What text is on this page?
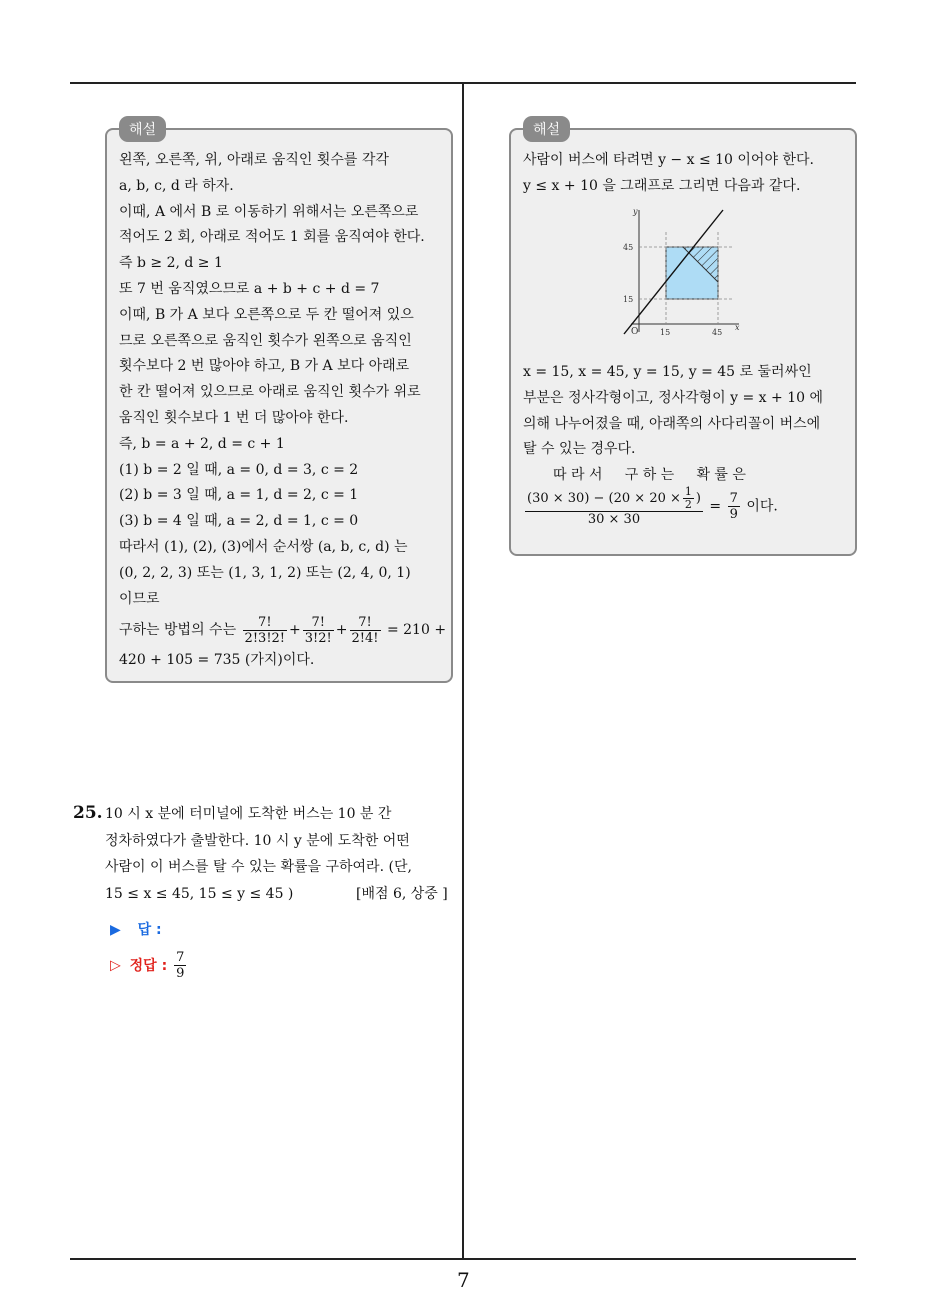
해설
왼쪽, 오른쪽, 위, 아래로 움직인 횟수를 각각
a, b, c, d 라 하자.
이때, A 에서 B 로 이동하기 위해서는 오른쪽으로
적어도 2 회, 아래로 적어도 1 회를 움직여야 한다.
즉 b ≥ 2, d ≥ 1
또 7 번 움직였으므로 a + b + c + d = 7
이때, B 가 A 보다 오른쪽으로 두 칸 떨어져 있으
므로 오른쪽으로 움직인 횟수가 왼쪽으로 움직인
횟수보다 2 번 많아야 하고, B 가 A 보다 아래로
한 칸 떨어져 있으므로 아래로 움직인 횟수가 위로
움직인 횟수보다 1 번 더 많아야 한다.
즉, b = a + 2, d = c + 1
(1) b = 2 일 때, a = 0, d = 3, c = 2
(2) b = 3 일 때, a = 1, d = 2, c = 1
(3) b = 4 일 때, a = 2, d = 1, c = 0
따라서 (1), (2), (3)에서 순서쌍 (a, b, c, d) 는
(0, 2, 2, 3) 또는 (1, 3, 1, 2) 또는 (2, 4, 0, 1)
이므로
구하는 방법의 수는 $\frac{7!}{2!3!2!} + \frac{7!}{3!2!} + \frac{7!}{2!4!} = 210$ +
420 + 105 = 735 (가지)이다.
해설
사람이 버스에 타려면 y − x ≤ 10 이어야 한다.
y ≤ x + 10 을 그래프로 그리면 다음과 같다.
y
x
O
45
15
15	45
x = 15, x = 45, y = 15, y = 45 로 둘러싸인
부분은 정사각형이고, 정사각형이 y = x + 10 에
의해 나누어졌을 때, 아래쪽의 사다리꼴이 버스에
탈 수 있는 경우다.
따 라 서     구 하 는     확 률 은
$\frac{(30 \times 30) - (20 \times 20 \times \frac{1}{2} )}{30 \times 30} = \frac{7}{9}$ 이다.
25. 10 시 x 분에 터미널에 도착한 버스는 10 분 간
정차하였다가 출발한다. 10 시 y 분에 도착한 어떤
사람이 이 버스를 탈 수 있는 확률을 구하여라. (단,
15 ≤ x ≤ 45, 15 ≤ y ≤ 45 )	[배점 6, 상중 ]
▶ 답 :
▷ 정답 : $\frac{7}{9}$
7
